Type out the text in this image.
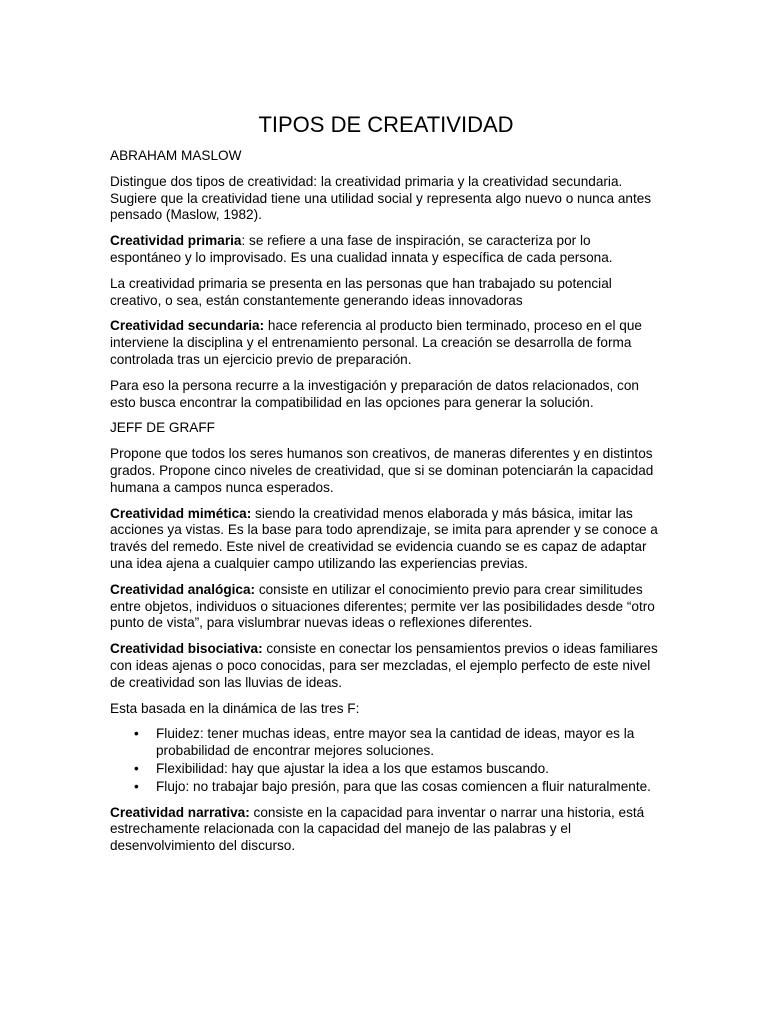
TIPOS DE CREATIVIDAD

ABRAHAM MASLOW

Distingue dos tipos de creatividad: la creatividad primaria y la creatividad secundaria. Sugiere que la creatividad tiene una utilidad social y representa algo nuevo o nunca antes pensado (Maslow, 1982).

Creatividad primaria: se refiere a una fase de inspiración, se caracteriza por lo espontáneo y lo improvisado. Es una cualidad innata y específica de cada persona.

La creatividad primaria se presenta en las personas que han trabajado su potencial creativo, o sea, están constantemente generando ideas innovadoras

Creatividad secundaria: hace referencia al producto bien terminado, proceso en el que interviene la disciplina y el entrenamiento personal. La creación se desarrolla de forma controlada tras un ejercicio previo de preparación.

Para eso la persona recurre a la investigación y preparación de datos relacionados, con esto busca encontrar la compatibilidad en las opciones para generar la solución.

JEFF DE GRAFF

Propone que todos los seres humanos son creativos, de maneras diferentes y en distintos grados. Propone cinco niveles de creatividad, que si se dominan potenciarán la capacidad humana a campos nunca esperados.

Creatividad mimética: siendo la creatividad menos elaborada y más básica, imitar las acciones ya vistas. Es la base para todo aprendizaje, se imita para aprender y se conoce a través del remedo. Este nivel de creatividad se evidencia cuando se es capaz de adaptar una idea ajena a cualquier campo utilizando las experiencias previas.

Creatividad analógica: consiste en utilizar el conocimiento previo para crear similitudes entre objetos, individuos o situaciones diferentes; permite ver las posibilidades desde “otro punto de vista”, para vislumbrar nuevas ideas o reflexiones diferentes.

Creatividad bisociativa: consiste en conectar los pensamientos previos o ideas familiares con ideas ajenas o poco conocidas, para ser mezcladas, el ejemplo perfecto de este nivel de creatividad son las lluvias de ideas.

Esta basada en la dinámica de las tres F:

• Fluidez: tener muchas ideas, entre mayor sea la cantidad de ideas, mayor es la probabilidad de encontrar mejores soluciones.
• Flexibilidad: hay que ajustar la idea a los que estamos buscando.
• Flujo: no trabajar bajo presión, para que las cosas comiencen a fluir naturalmente.

Creatividad narrativa: consiste en la capacidad para inventar o narrar una historia, está estrechamente relacionada con la capacidad del manejo de las palabras y el desenvolvimiento del discurso.
